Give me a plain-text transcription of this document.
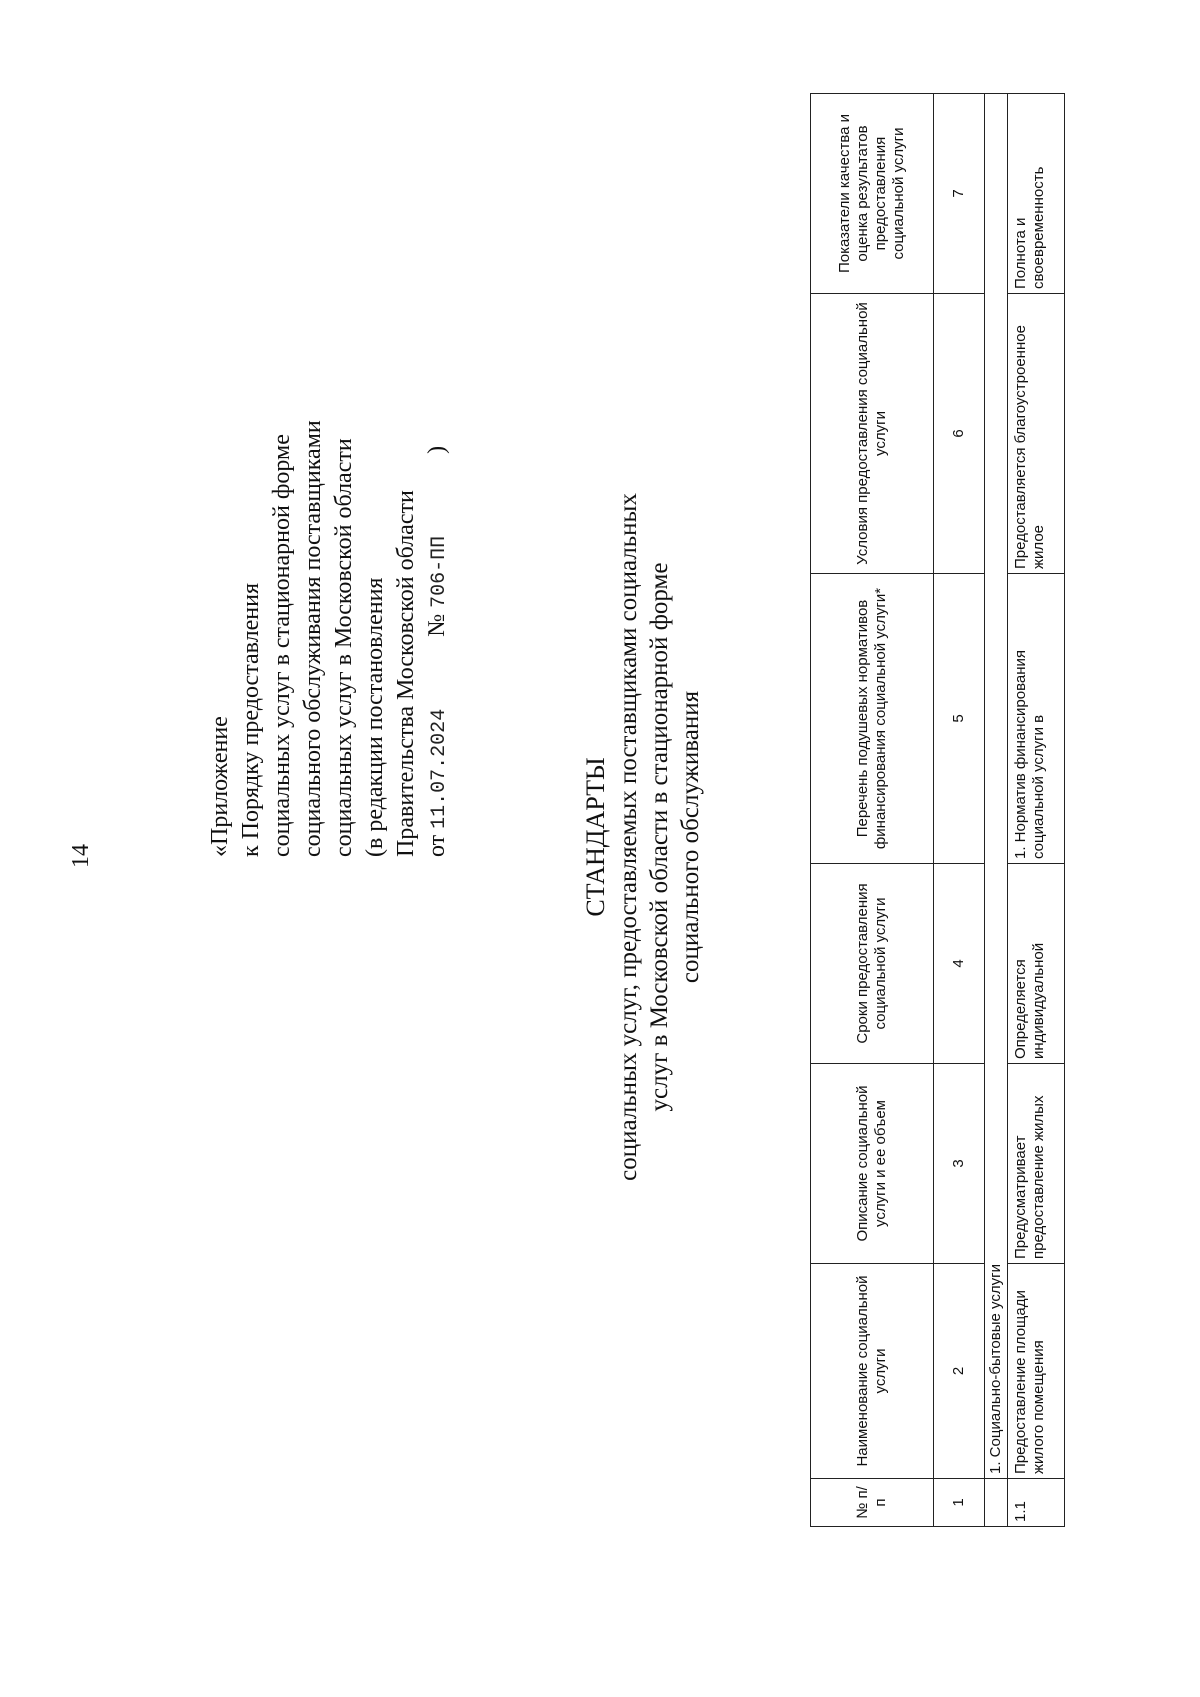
14	«Приложение к Порядку предоставления социальных услуг в стационарной форме социального обслуживания поставщиками социальных услуг в Московской области (в редакции постановления Правительства Московской области от 11.07.2024  № 706-ПП  )
СТАНДАРТЫ социальных услуг, предоставляемых поставщиками социальных услуг в Московской области в стационарной форме социального обслуживания
№ п/п	Наименование социальной услуги	Описание социальной услуги и ее объем	Сроки предоставления социальной услуги	Перечень подушевых нормативов финансирования социальной услуги*	Условия предоставления социальной услуги	Показатели качества и оценка результатов предоставления социальной услуги
1	2	3	4	5	6	7
	1. Социально-бытовые услуги					
1.1	Предоставление площади жилого помещения	Предусматривает предоставление жилых	Определяется индивидуальной	1. Норматив финансирования социальной услуги в	Предоставляется благоустроенное жилое	Полнота и своевременность
